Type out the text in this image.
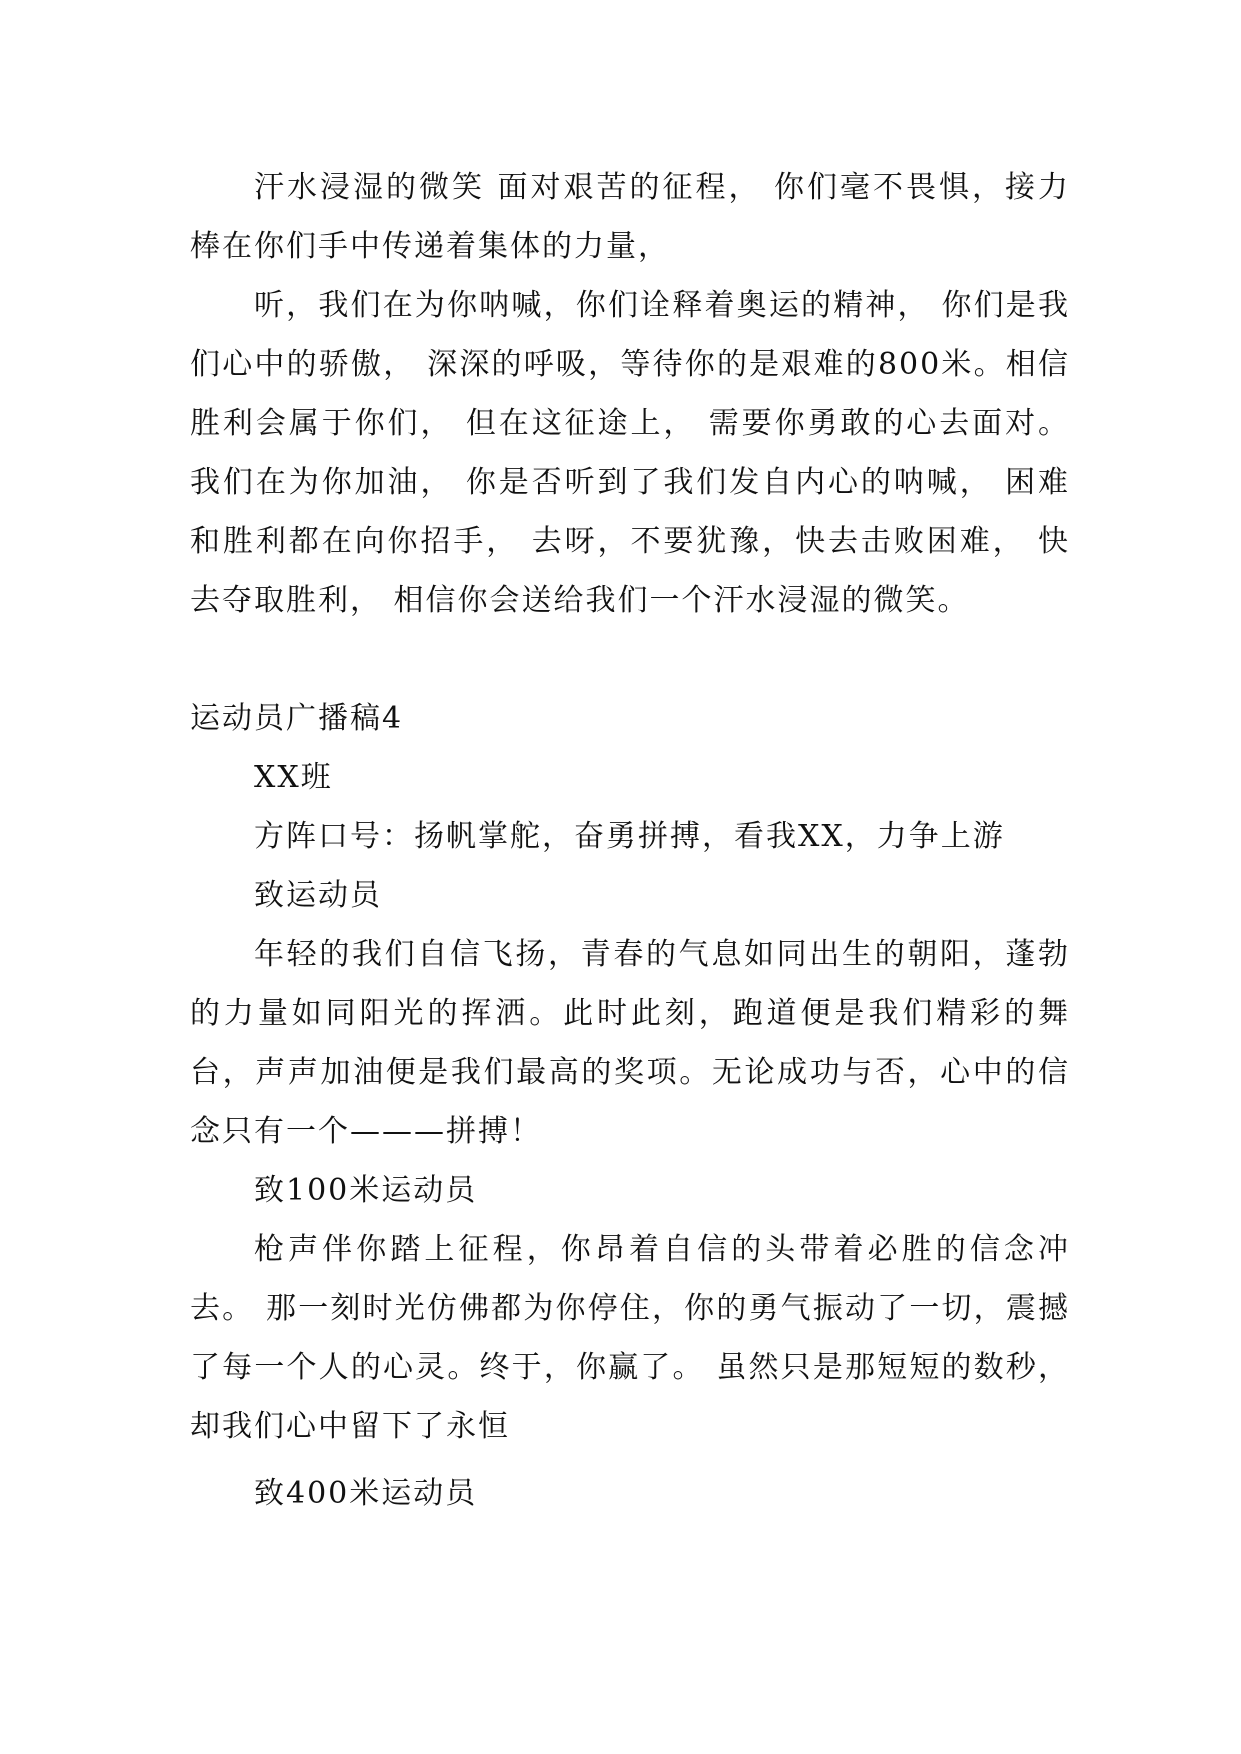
汗水浸湿的微笑 面对艰苦的征程， 你们毫不畏惧，接力棒在你们手中传递着集体的力量，

听，我们在为你呐喊，你们诠释着奥运的精神， 你们是我们心中的骄傲， 深深的呼吸，等待你的是艰难的800米。相信胜利会属于你们， 但在这征途上， 需要你勇敢的心去面对。 我们在为你加油， 你是否听到了我们发自内心的呐喊， 困难和胜利都在向你招手， 去呀，不要犹豫，快去击败困难， 快去夺取胜利， 相信你会送给我们一个汗水浸湿的微笑。

运动员广播稿4

XX班

方阵口号：扬帆掌舵，奋勇拼搏，看我XX，力争上游

致运动员

年轻的我们自信飞扬，青春的气息如同出生的朝阳，蓬勃的力量如同阳光的挥洒。此时此刻，跑道便是我们精彩的舞台，声声加油便是我们最高的奖项。无论成功与否，心中的信念只有一个———拼搏！

致100米运动员

枪声伴你踏上征程，你昂着自信的头带着必胜的信念冲去。 那一刻时光仿佛都为你停住，你的勇气振动了一切，震撼了每一个人的心灵。终于，你赢了。 虽然只是那短短的数秒，却我们心中留下了永恒

致400米运动员
